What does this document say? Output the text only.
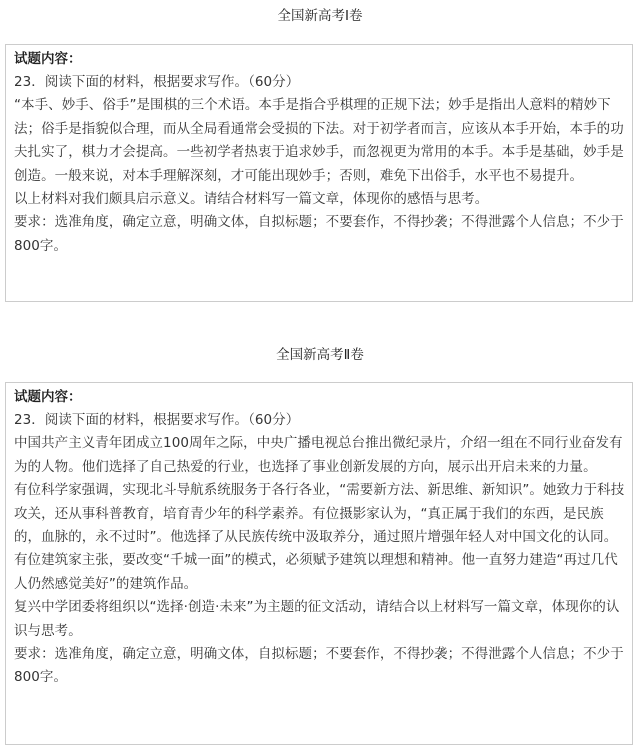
全国新高考Ⅰ卷
试题内容：

23．阅读下面的材料，根据要求写作。（60分）

“本手、妙手、俗手”是围棋的三个术语。本手是指合乎棋理的正规下法；妙手是指出人意料的精妙下法；俗手是指貌似合理，而从全局看通常会受损的下法。对于初学者而言，应该从本手开始，本手的功夫扎实了，棋力才会提高。一些初学者热衷于追求妙手，而忽视更为常用的本手。本手是基础，妙手是创造。一般来说，对本手理解深刻，才可能出现妙手；否则，难免下出俗手，水平也不易提升。

以上材料对我们颇具启示意义。请结合材料写一篇文章，体现你的感悟与思考。

要求：选准角度，确定立意，明确文体，自拟标题；不要套作，不得抄袭；不得泄露个人信息；不少于800字。

全国新高考Ⅱ卷
试题内容：

23．阅读下面的材料，根据要求写作。（60分）

中国共产主义青年团成立100周年之际，中央广播电视总台推出微纪录片，介绍一组在不同行业奋发有为的人物。他们选择了自己热爱的行业，也选择了事业创新发展的方向，展示出开启未来的力量。

有位科学家强调，实现北斗导航系统服务于各行各业，“需要新方法、新思维、新知识”。她致力于科技攻关，还从事科普教育，培育青少年的科学素养。有位摄影家认为，“真正属于我们的东西，是民族的，血脉的，永不过时”。他选择了从民族传统中汲取养分，通过照片增强年轻人对中国文化的认同。有位建筑家主张，要改变“千城一面”的模式，必须赋予建筑以理想和精神。他一直努力建造“再过几代人仍然感觉美好”的建筑作品。

复兴中学团委将组织以“选择·创造·未来”为主题的征文活动，请结合以上材料写一篇文章，体现你的认识与思考。

要求：选准角度，确定立意，明确文体，自拟标题；不要套作，不得抄袭；不得泄露个人信息；不少于800字。
